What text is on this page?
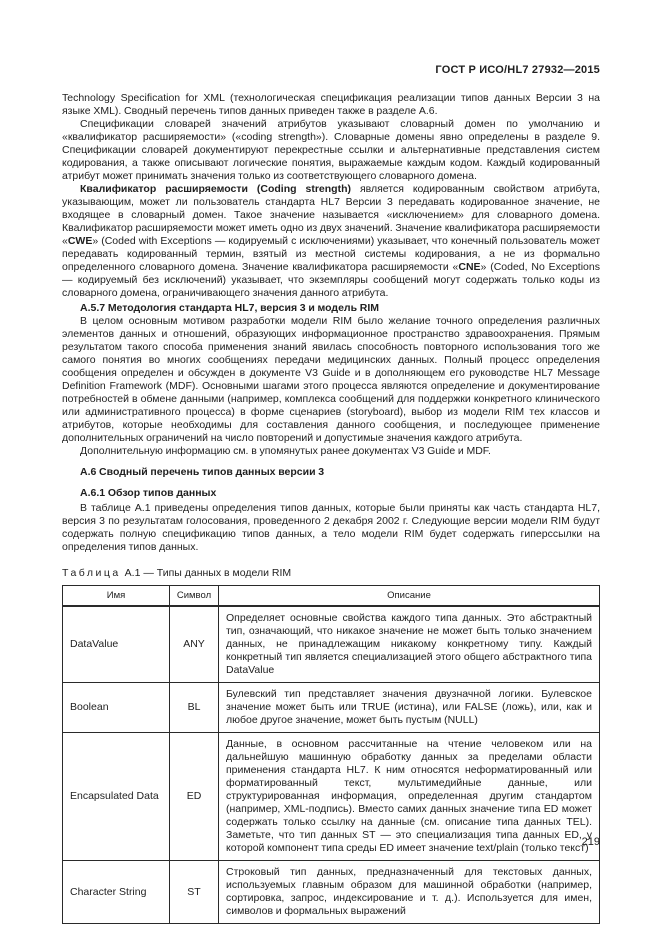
ГОСТ Р ИСО/HL7 27932—2015

Technology Specification for XML (технологическая спецификация реализации типов данных Версии 3 на языке XML). Сводный перечень типов данных приведен также в разделе А.6.

Спецификации словарей значений атрибутов указывают словарный домен по умолчанию и «квалификатор расширяемости» («coding strength»). Словарные домены явно определены в разделе 9. Спецификации словарей документируют перекрестные ссылки и альтернативные представления систем кодирования, а также описывают логические понятия, выражаемые каждым кодом. Каждый кодированный атрибут может принимать значения только из соответствующего словарного домена.

Квалификатор расширяемости (Coding strength) является кодированным свойством атрибута, указывающим, может ли пользователь стандарта HL7 Версии 3 передавать кодированное значение, не входящее в словарный домен. Такое значение называется «исключением» для словарного домена. Квалификатор расширяемости может иметь одно из двух значений. Значение квалификатора расширяемости «CWE» (Coded with Exceptions — кодируемый с исключениями) указывает, что конечный пользователь может передавать кодированный термин, взятый из местной системы кодирования, а не из формально определенного словарного домена. Значение квалификатора расширяемости «CNE» (Coded, No Exceptions — кодируемый без исключений) указывает, что экземпляры сообщений могут содержать только коды из словарного домена, ограничивающего значения данного атрибута.

А.5.7 Методология стандарта HL7, версия 3 и модель RIM

В целом основным мотивом разработки модели RIM было желание точного определения различных элементов данных и отношений, образующих информационное пространство здравоохранения. Прямым результатом такого способа применения знаний явилась способность повторного использования того же самого понятия во многих сообщениях передачи медицинских данных. Полный процесс определения сообщения определен и обсужден в документе V3 Guide и в дополняющем его руководстве HL7 Message Definition Framework (MDF). Основными шагами этого процесса являются определение и документирование потребностей в обмене данными (например, комплекса сообщений для поддержки конкретного клинического или административного процесса) в форме сценариев (storyboard), выбор из модели RIM тех классов и атрибутов, которые необходимы для составления данного сообщения, и последующее применение дополнительных ограничений на число повторений и допустимые значения каждого атрибута.

Дополнительную информацию см. в упомянутых ранее документах V3 Guide и MDF.

А.6 Сводный перечень типов данных версии 3

А.6.1 Обзор типов данных

В таблице А.1 приведены определения типов данных, которые были приняты как часть стандарта HL7, версия 3 по результатам голосования, проведенного 2 декабря 2002 г. Следующие версии модели RIM будут содержать полную спецификацию типов данных, а тело модели RIM будет содержать гиперссылки на определения типов данных.

Таблица А.1 — Типы данных в модели RIM
Имя	Символ	Описание
DataValue	ANY	Определяет основные свойства каждого типа данных. Это абстрактный тип, означающий, что никакое значение не может быть только значением данных, не принадлежащим никакому конкретному типу. Каждый конкретный тип является специализацией этого общего абстрактного типа DataValue
Boolean	BL	Булевский тип представляет значения двузначной логики. Булевское значение может быть или TRUE (истина), или FALSE (ложь), или, как и любое другое значение, может быть пустым (NULL)
Encapsulated Data	ED	Данные, в основном рассчитанные на чтение человеком или на дальнейшую машинную обработку данных за пределами области применения стандарта HL7. К ним относятся неформатированный или форматированный текст, мультимедийные данные, или структурированная информация, определенная другим стандартом (например, XML-подпись). Вместо самих данных значение типа ED может содержать только ссылку на данные (см. описание типа данных TEL). Заметьте, что тип данных ST — это специализация типа данных ED, у которой компонент типа среды ED имеет значение text/plain (только текст)
Character String	ST	Строковый тип данных, предназначенный для текстовых данных, используемых главным образом для машинной обработки (например, сортировка, запрос, индексирование и т. д.). Используется для имен, символов и формальных выражений
219
